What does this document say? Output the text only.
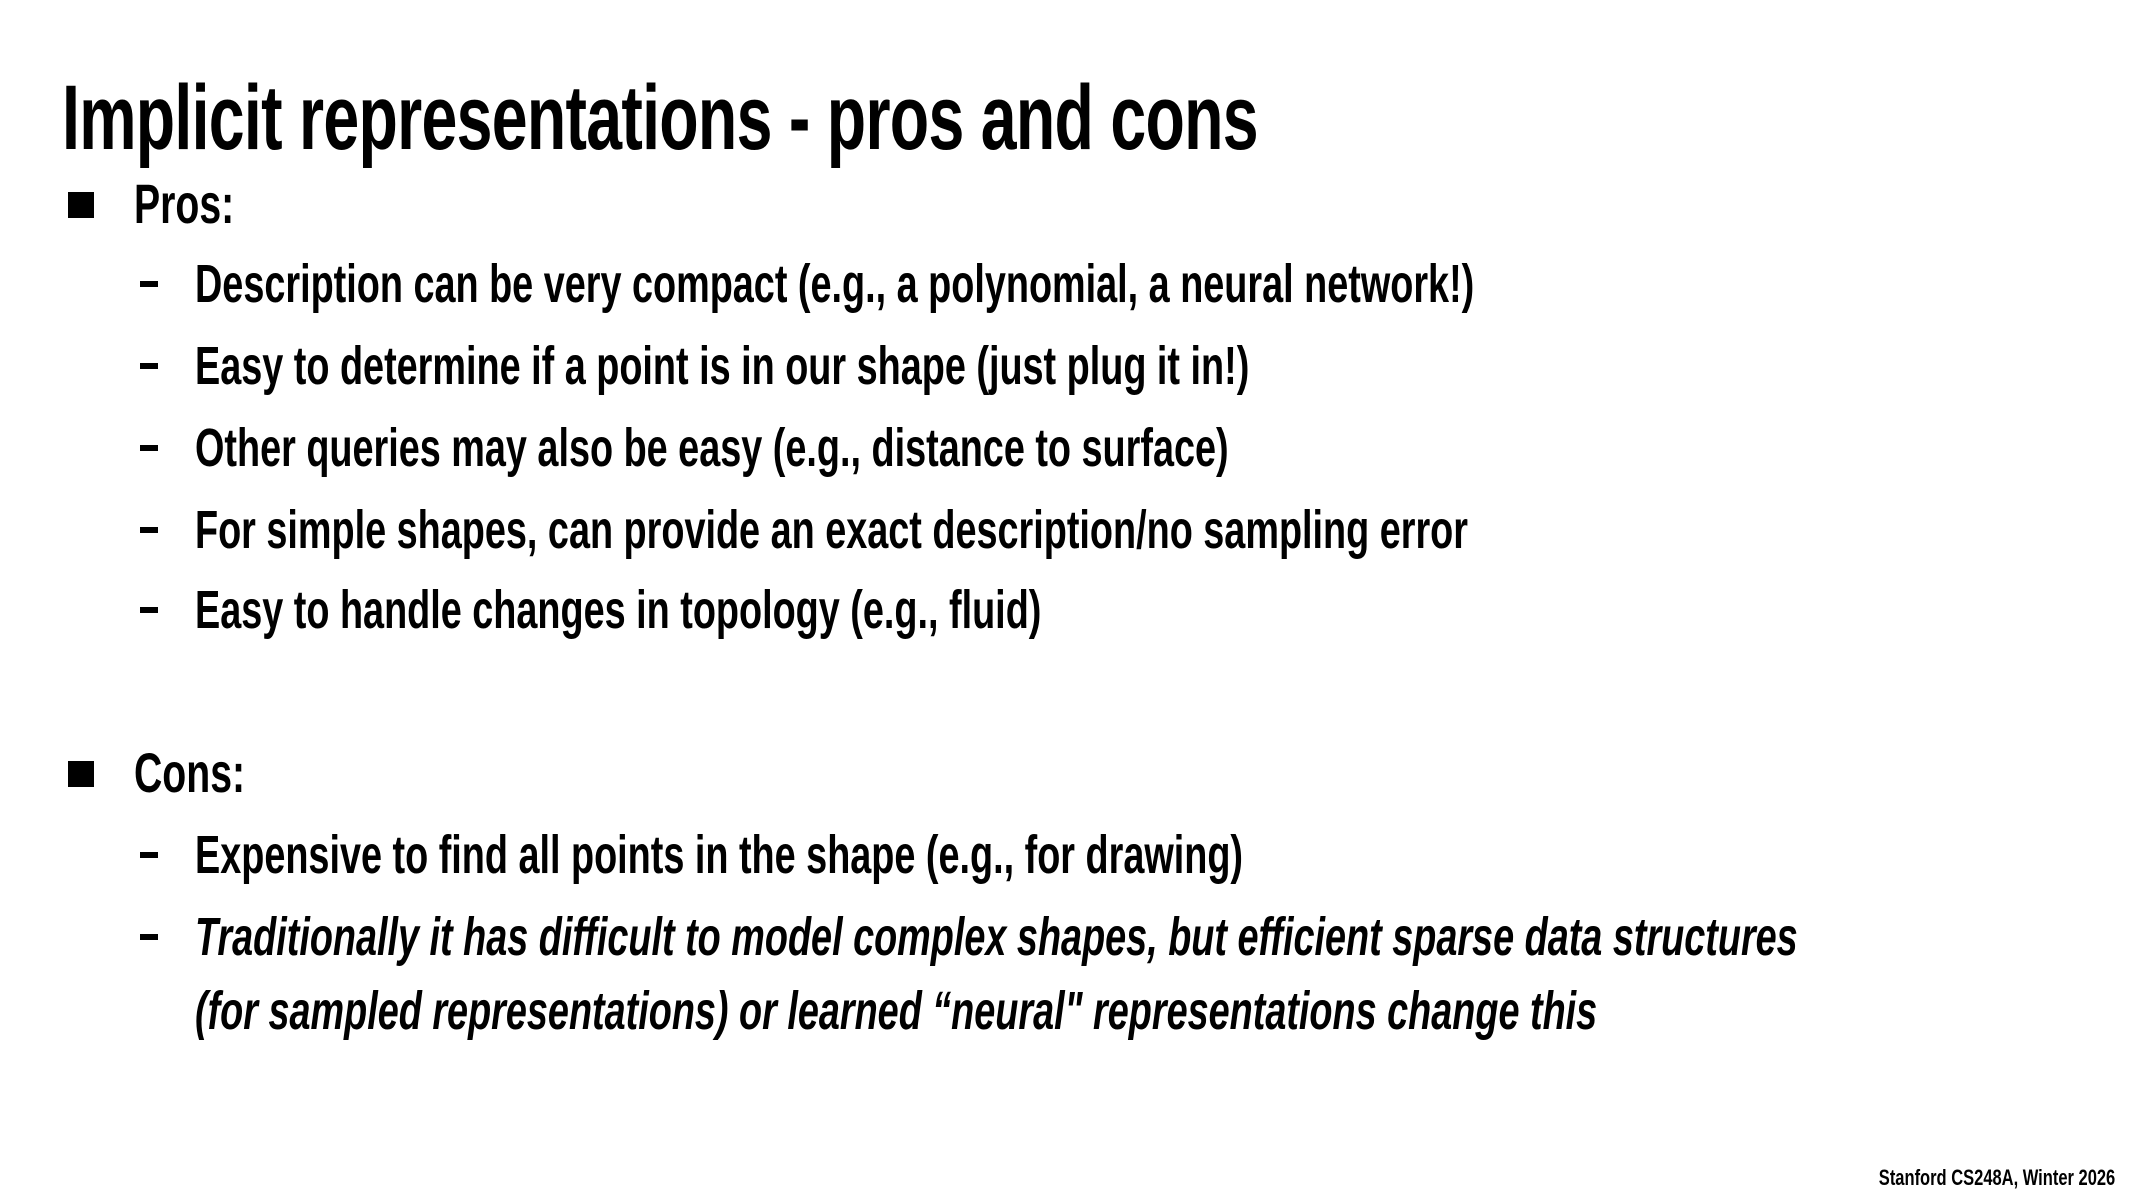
Implicit representations - pros and cons
Pros:
Description can be very compact (e.g., a polynomial, a neural network!)
Easy to determine if a point is in our shape (just plug it in!)
Other queries may also be easy (e.g., distance to surface)
For simple shapes, can provide an exact description/no sampling error
Easy to handle changes in topology (e.g., fluid)
Cons:
Expensive to find all points in the shape (e.g., for drawing)
Traditionally it has difficult to model complex shapes, but efficient sparse data structures
(for sampled representations) or learned “neural" representations change this
Stanford CS248A, Winter 2026
